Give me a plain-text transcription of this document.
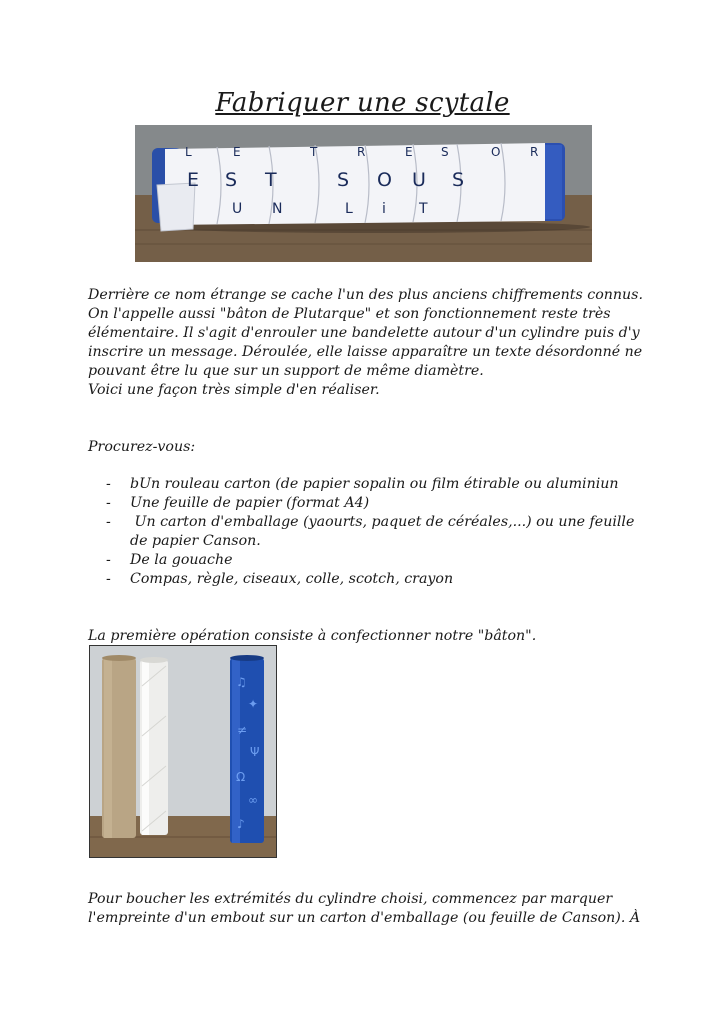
Fabriquer une scytale
L	E	T	R	E S	O R
E S T	S O U S
U N	L i T
Derrière ce nom étrange se cache l'un des plus anciens chiffrements connus.
On l'appelle aussi "bâton de Plutarque" et son fonctionnement reste très
élémentaire. Il s'agit d'enrouler une bandelette autour d'un cylindre puis d'y
inscrire un message. Déroulée, elle laisse apparaître un texte désordonné ne
pouvant être lu que sur un support de même diamètre.
Voici une façon très simple d'en réaliser.
Procurez-vous:
- bUn rouleau carton (de papier sopalin ou film étirable ou aluminiun
- Une feuille de papier (format A4)
- Un carton d'emballage (yaourts, paquet de céréales,...) ou une feuille
de papier Canson.
- De la gouache
- Compas, règle, ciseaux, colle, scotch, crayon
La première opération consiste à confectionner notre "bâton".
♫
✦
≠
Ψ
Ω
∞
♪
Pour boucher les extrémités du cylindre choisi, commencez par marquer
l'empreinte d'un embout sur un carton d'emballage (ou feuille de Canson). À
